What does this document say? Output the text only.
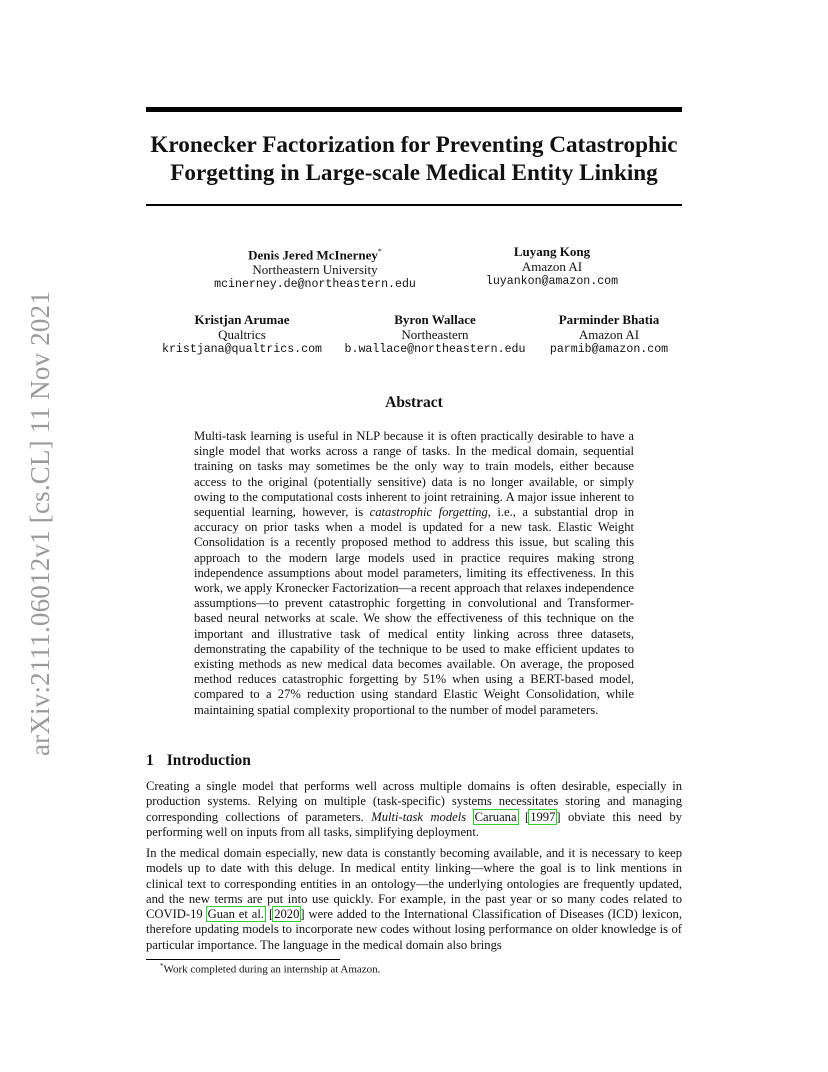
arXiv:2111.06012v1 [cs.CL] 11 Nov 2021
Kronecker Factorization for Preventing Catastrophic
Forgetting in Large-scale Medical Entity Linking
Denis Jered McInerney*
Northeastern University
mcinerney.de@northeastern.edu
Luyang Kong
Amazon AI
luyankon@amazon.com
Kristjan Arumae
Qualtrics
kristjana@qualtrics.com
Byron Wallace
Northeastern
b.wallace@northeastern.edu
Parminder Bhatia
Amazon AI
parmib@amazon.com
Abstract

Multi-task learning is useful in NLP because it is often practically desirable to have a single model that works across a range of tasks. In the medical domain, sequential training on tasks may sometimes be the only way to train models, either because access to the original (potentially sensitive) data is no longer available, or simply owing to the computational costs inherent to joint retraining. A major issue inherent to sequential learning, however, is catastrophic forgetting, i.e., a substantial drop in accuracy on prior tasks when a model is updated for a new task. Elastic Weight Consolidation is a recently proposed method to address this issue, but scaling this approach to the modern large models used in practice requires making strong independence assumptions about model parameters, limiting its effectiveness. In this work, we apply Kronecker Factorization—a recent approach that relaxes independence assumptions—to prevent catastrophic forgetting in convolutional and Transformer-based neural networks at scale. We show the effectiveness of this technique on the important and illustrative task of medical entity linking across three datasets, demonstrating the capability of the technique to be used to make efficient updates to existing methods as new medical data becomes available. On average, the proposed method reduces catastrophic forgetting by 51% when using a BERT-based model, compared to a 27% reduction using standard Elastic Weight Consolidation, while maintaining spatial complexity proportional to the number of model parameters.

1 Introduction

Creating a single model that performs well across multiple domains is often desirable, especially in production systems. Relying on multiple (task-specific) systems necessitates storing and managing corresponding collections of parameters. Multi-task models Caruana [1997] obviate this need by performing well on inputs from all tasks, simplifying deployment.

In the medical domain especially, new data is constantly becoming available, and it is necessary to keep models up to date with this deluge. In medical entity linking—where the goal is to link mentions in clinical text to corresponding entities in an ontology—the underlying ontologies are frequently updated, and the new terms are put into use quickly. For example, in the past year or so many codes related to COVID-19 Guan et al. [2020] were added to the International Classification of Diseases (ICD) lexicon, therefore updating models to incorporate new codes without losing performance on older knowledge is of particular importance. The language in the medical domain also brings

*Work completed during an internship at Amazon.
